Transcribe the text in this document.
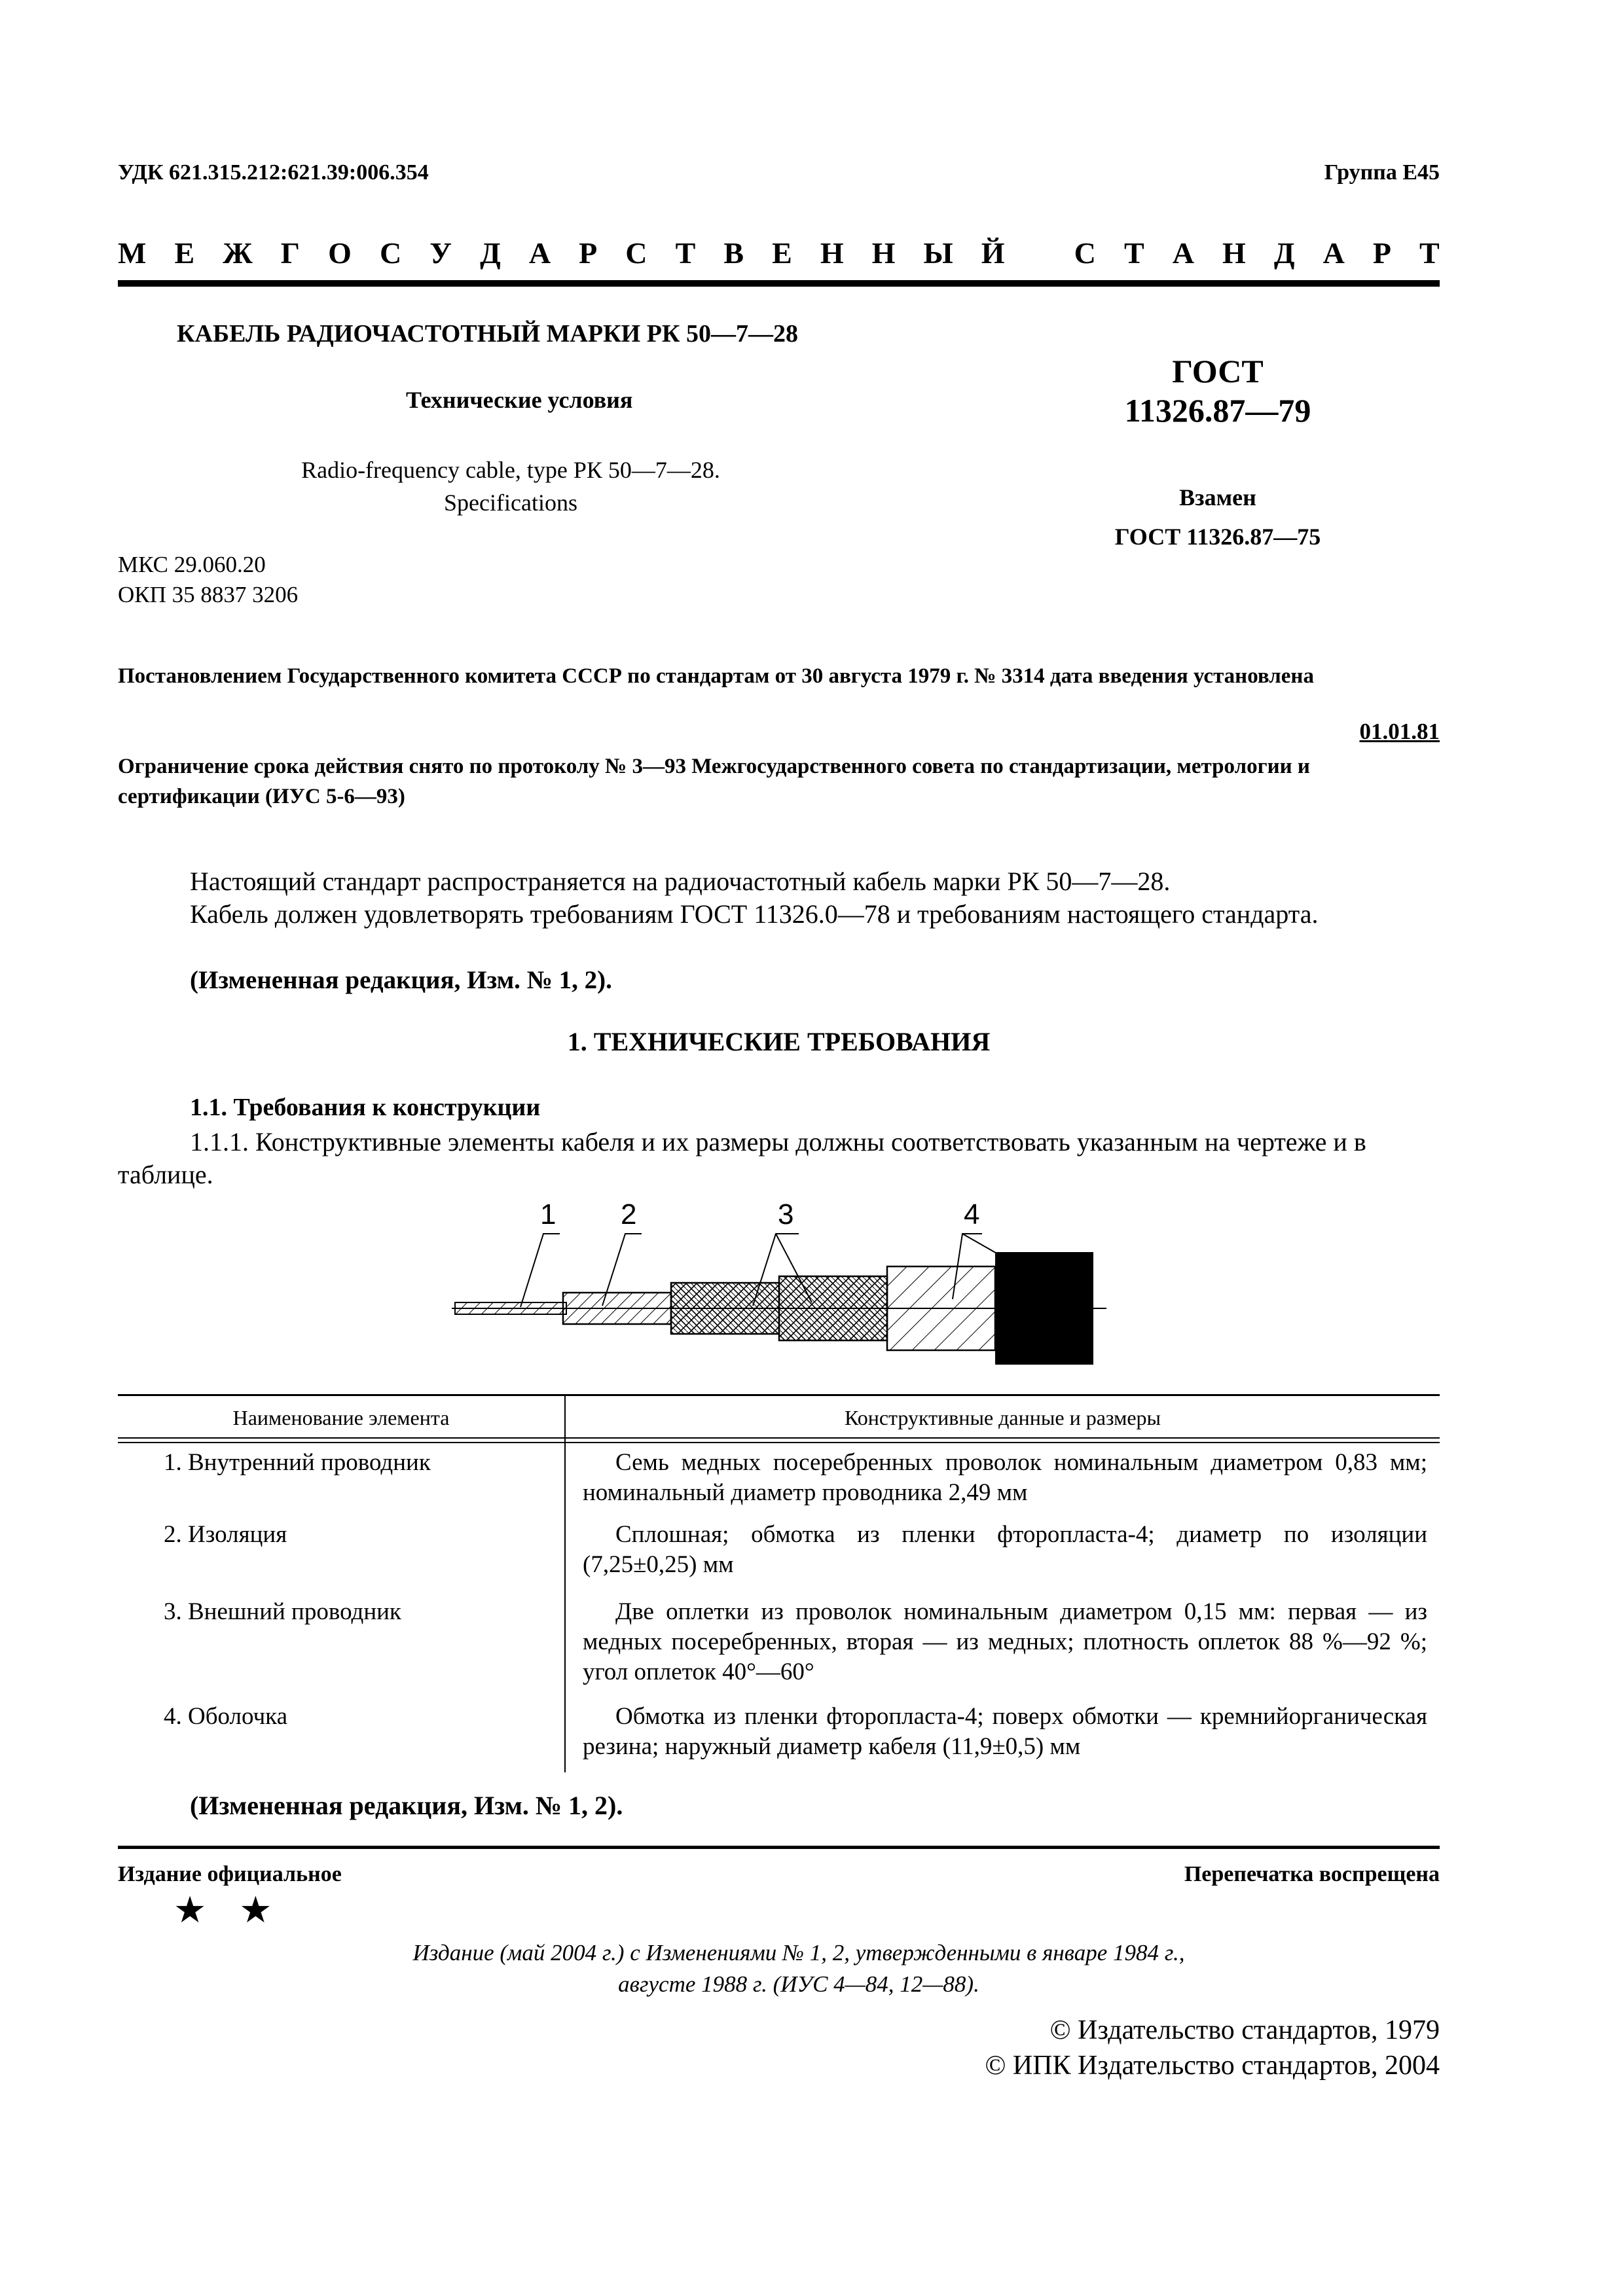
УДК 621.315.212:621.39:006.354	Группа Е45
М Е Ж Г О С У Д А Р С Т В Е Н Н Ы Й С Т А Н Д А Р Т
КАБЕЛЬ РАДИОЧАСТОТНЫЙ МАРКИ РК 50—7—28
Технические условия
Radio-frequency cable, type РК 50—7—28.
Specifications
ГОСТ
11326.87—79
Взамен
ГОСТ 11326.87—75
МКС 29.060.20
ОКП 35 8837 3206
Постановлением Государственного комитета СССР по стандартам от 30 августа 1979 г. № 3314 дата введения установлена
01.01.81
Ограничение срока действия снято по протоколу № 3—93 Межгосударственного совета по стандартизации, метрологии и сертификации (ИУС 5-6—93)
Настоящий стандарт распространяется на радиочастотный кабель марки РК 50—7—28.
Кабель должен удовлетворять требованиям ГОСТ 11326.0—78 и требованиям настоящего стандарта.
(Измененная редакция, Изм. № 1, 2).
1. ТЕХНИЧЕСКИЕ ТРЕБОВАНИЯ
1.1. Требования к конструкции
1.1.1. Конструктивные элементы кабеля и их размеры должны соответствовать указанным на чертеже и в таблице.
1 2	3	4
Наименование элемента	Конструктивные данные и размеры
1. Внутренний проводник	Семь медных посеребренных проволок номинальным диаметром 0,83 мм; номинальный диаметр проводника 2,49 мм
2. Изоляция	Сплошная; обмотка из пленки фторопласта-4; диаметр по изоляции (7,25±0,25) мм
3. Внешний проводник	Две оплетки из проволок номинальным диаметром 0,15 мм: первая — из медных посеребренных, вторая — из медных; плотность оплеток 88 %—92 %; угол оплеток 40°—60°
4. Оболочка	Обмотка из пленки фторопласта-4; поверх обмотки — кремнийорганическая резина; наружный диаметр кабеля (11,9±0,5) мм
(Измененная редакция, Изм. № 1, 2).
Издание официальное	Перепечатка воспрещена
★ ★
Издание (май 2004 г.) с Изменениями № 1, 2, утвержденными в январе 1984 г.,
августе 1988 г. (ИУС 4—84, 12—88).
© Издательство стандартов, 1979
© ИПК Издательство стандартов, 2004
